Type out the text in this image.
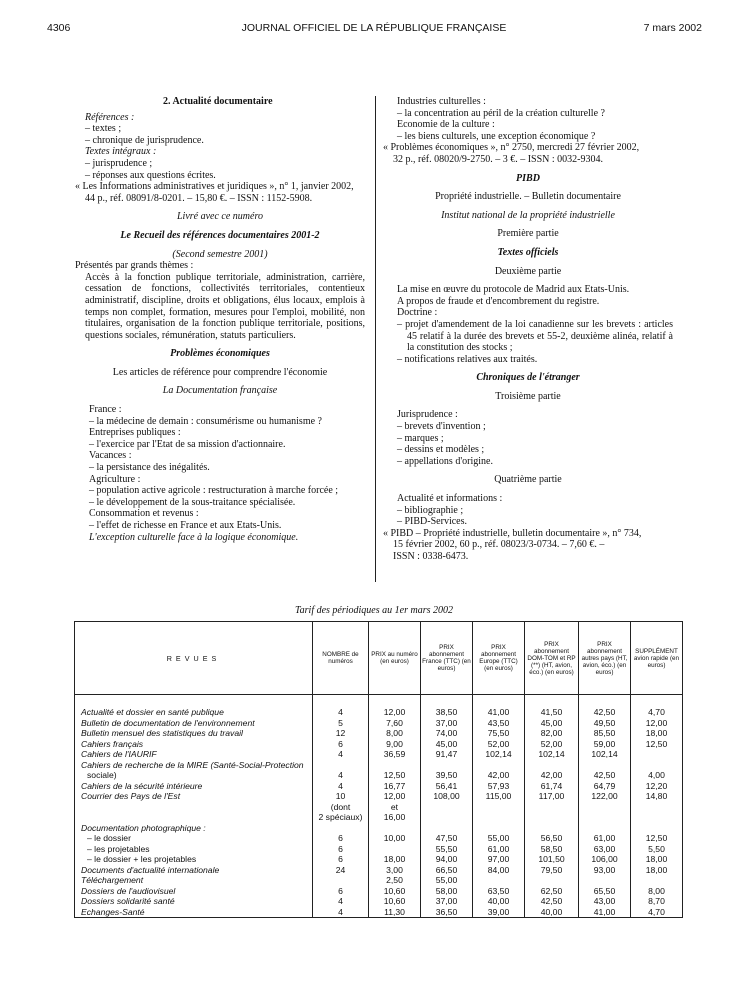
4306	JOURNAL OFFICIEL DE LA RÉPUBLIQUE FRANÇAISE	7 mars 2002

2. Actualité documentaire

Références :

– textes ;

– chronique de jurisprudence.

Textes intégraux :

– jurisprudence ;

– réponses aux questions écrites.

« Les Informations administratives et juridiques », n° 1, janvier 2002,

44 p., réf. 08091/8-0201. – 15,80 €. – ISSN : 1152-5908.

Livré avec ce numéro

Le Recueil des références documentaires 2001-2

(Second semestre 2001)

Présentés par grands thèmes :

Accès à la fonction publique territoriale, administration, carrière, cessation de fonctions, collectivités territoriales, contentieux administratif, discipline, droits et obligations, élus locaux, emplois à temps non complet, formation, mesures pour l'emploi, mobilité, non titulaires, organisation de la fonction publique territoriale, positions, questions sociales, rémunération, statuts particuliers.

Problèmes économiques

Les articles de référence pour comprendre l'économie

La Documentation française

France :

– la médecine de demain : consumérisme ou humanisme ?

Entreprises publiques :

– l'exercice par l'Etat de sa mission d'actionnaire.

Vacances :

– la persistance des inégalités.

Agriculture :

– population active agricole : restructuration à marche forcée ;

– le développement de la sous-traitance spécialisée.

Consommation et revenus :

– l'effet de richesse en France et aux Etats-Unis.

L'exception culturelle face à la logique économique.

Industries culturelles :

– la concentration au péril de la création culturelle ?

Economie de la culture :

– les biens culturels, une exception économique ?

« Problèmes économiques », n° 2750, mercredi 27 février 2002,

32 p., réf. 08020/9-2750. – 3 €. – ISSN : 0032-9304.

PIBD

Propriété industrielle. – Bulletin documentaire

Institut national de la propriété industrielle

Première partie

Textes officiels

Deuxième partie

La mise en œuvre du protocole de Madrid aux Etats-Unis.

A propos de fraude et d'encombrement du registre.

Doctrine :

– projet d'amendement de la loi canadienne sur les brevets : articles 45 relatif à la durée des brevets et 55-2, deuxième alinéa, relatif à la constitution des stocks ;

– notifications relatives aux traités.

Chroniques de l'étranger

Troisième partie

Jurisprudence :

– brevets d'invention ;

– marques ;

– dessins et modèles ;

– appellations d'origine.

Quatrième partie

Actualité et informations :

– bibliographie ;

– PIBD-Services.

« PIBD – Propriété industrielle, bulletin documentaire », n° 734,

15 février 2002, 60 p., réf. 08023/3-0734. – 7,60 €. –

ISSN : 0338-6473.

Tarif des périodiques au 1er mars 2002
REVUES	NOMBRE de numéros	PRIX au numéro (en euros)	PRIX abonnement France (TTC) (en euros)	PRIX abonnement Europe (TTC) (en euros)	PRIX abonnement DOM-TOM et RP (**) (HT, avion, éco.) (en euros)	PRIX abonnement autres pays (HT, avion, éco.) (en euros)	SUPPLÉMENT avion rapide (en euros)
Actualité et dossier en santé publique	4	12,00	38,50	41,00	41,50	42,50	4,70
Bulletin de documentation de l'environnement	5	7,60	37,00	43,50	45,00	49,50	12,00
Bulletin mensuel des statistiques du travail	12	8,00	74,00	75,50	82,00	85,50	18,00
Cahiers français	6	9,00	45,00	52,00	52,00	59,00	12,50
Cahiers de l'IAURIF	4	36,59	91,47	102,14	102,14	102,14	
Cahiers de recherche de la MIRE (Santé-Social-Protection							
sociale)	4	12,50	39,50	42,00	42,00	42,50	4,00
Cahiers de la sécurité intérieure	4	16,77	56,41	57,93	61,74	64,79	12,20
Courrier des Pays de l'Est	10	12,00	108,00	115,00	117,00	122,00	14,80
	(dont	et					
	2 spéciaux)	16,00					

Documentation photographique :							
– le dossier	6	10,00	47,50	55,00	56,50	61,00	12,50
– les projetables	6		55,50	61,00	58,50	63,00	5,50
– le dossier + les projetables	6	18,00	94,00	97,00	101,50	106,00	18,00
Documents d'actualité internationale	24	3,00	66,50	84,00	79,50	93,00	18,00
Téléchargement		2,50	55,00				
Dossiers de l'audiovisuel	6	10,60	58,00	63,50	62,50	65,50	8,00
Dossiers solidarité santé	4	10,60	37,00	40,00	42,50	43,00	8,70
Echanges-Santé	4	11,30	36,50	39,00	40,00	41,00	4,70
